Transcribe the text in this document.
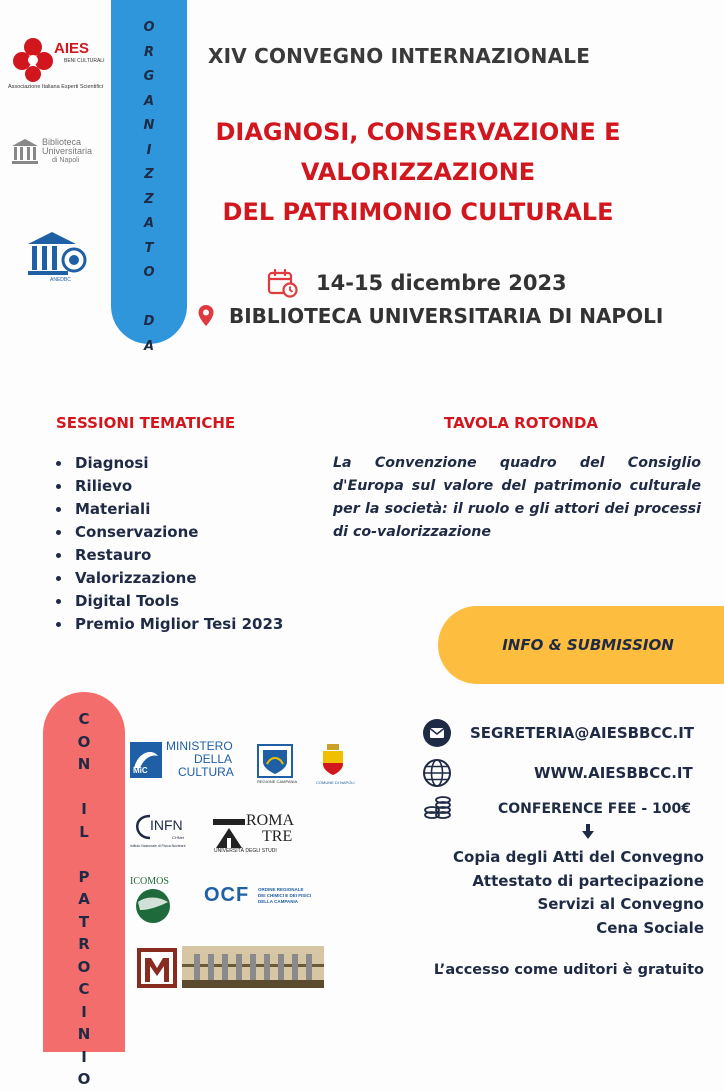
O
R
G
A
N
I
Z
Z
A
T
O
D
A
AIES
BENI CULTURALI
Associazione Italiana Esperti Scientifici
Biblioteca
Universitaria
di Napoli
ANEDBC
XIV CONVEGNO INTERNAZIONALE
DIAGNOSI, CONSERVAZIONE E
VALORIZZAZIONE
DEL PATRIMONIO CULTURALE
14-15 dicembre 2023
BIBLIOTECA UNIVERSITARIA DI NAPOLI
SESSIONI TEMATICHE
Diagnosi
Rilievo
Materiali
Conservazione
Restauro
Valorizzazione
Digital Tools
Premio Miglior Tesi 2023
TAVOLA ROTONDA
La Convenzione quadro del Consiglio d'Europa sul valore del patrimonio culturale per la società: il ruolo e gli attori dei processi di co-valorizzazione
INFO & SUBMISSION
SEGRETERIA@AIESBBCC.IT
WWW.AIESBBCC.IT
CONFERENCE FEE - 100€
Copia degli Atti del Convegno
Attestato di partecipazione
Servizi al Convegno
Cena Sociale
L’accesso come uditori è gratuito
C
O
N
I
L
P
A
T
R
O
C
I
N
I
O
MiC
MINISTERO
DELLA
CULTURA
REGIONE CAMPANIA	COMUNE DI NAPOLI
INFN
CHNet
Istituto Nazionale di Fisica Nucleare
ROMA
TRE
UNIVERSITÀ DEGLI STUDI
ICOMOS
OCF ORDINE REGIONALE
DEI CHIMICI E DEI FISICI
DELLA CAMPANIA
